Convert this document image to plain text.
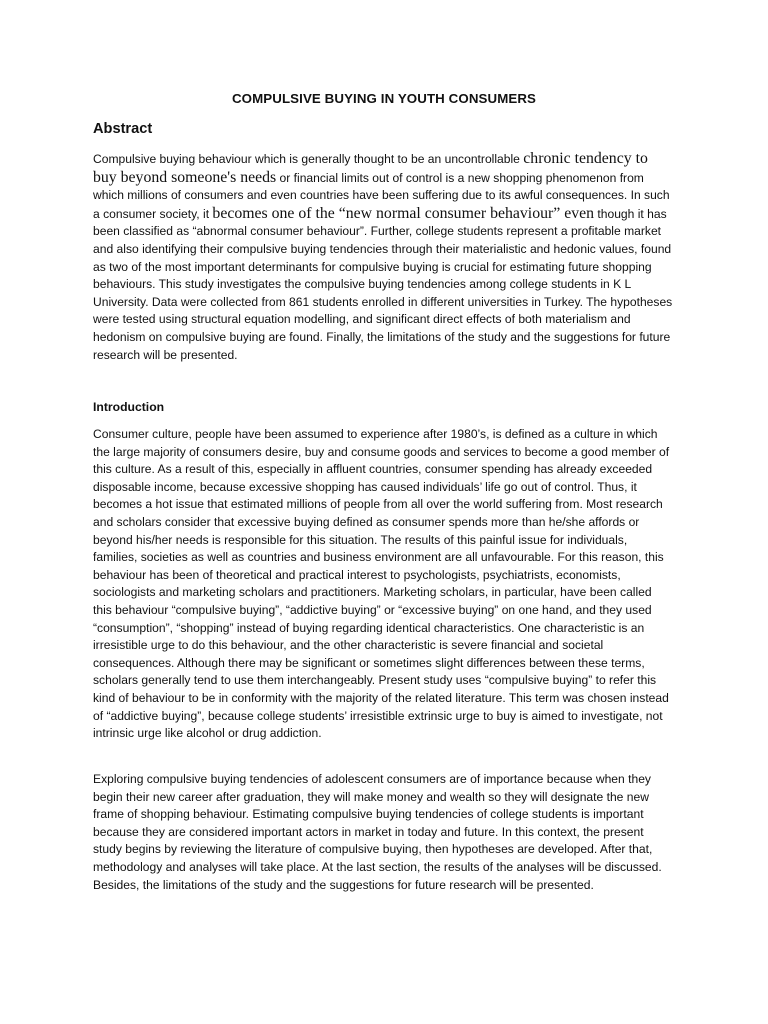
COMPULSIVE BUYING IN YOUTH CONSUMERS
Abstract
Compulsive buying behaviour which is generally thought to be an uncontrollable chronic tendency to buy beyond someone's needs or financial limits out of control is a new shopping phenomenon from which millions of consumers and even countries have been suffering due to its awful consequences. In such a consumer society, it becomes one of the “new normal consumer behaviour” even though it has been classified as “abnormal consumer behaviour”. Further, college students represent a profitable market and also identifying their compulsive buying tendencies through their materialistic and hedonic values, found as two of the most important determinants for compulsive buying is crucial for estimating future shopping behaviours. This study investigates the compulsive buying tendencies among college students in K L University. Data were collected from 861 students enrolled in different universities in Turkey. The hypotheses were tested using structural equation modelling, and significant direct effects of both materialism and hedonism on compulsive buying are found. Finally, the limitations of the study and the suggestions for future research will be presented.
Introduction
Consumer culture, people have been assumed to experience after 1980’s, is defined as a culture in which the large majority of consumers desire, buy and consume goods and services to become a good member of this culture. As a result of this, especially in affluent countries, consumer spending has already exceeded disposable income, because excessive shopping has caused individuals’ life go out of control. Thus, it becomes a hot issue that estimated millions of people from all over the world suffering from. Most research and scholars consider that excessive buying defined as consumer spends more than he/she affords or beyond his/her needs is responsible for this situation. The results of this painful issue for individuals, families, societies as well as countries and business environment are all unfavourable. For this reason, this behaviour has been of theoretical and practical interest to psychologists, psychiatrists, economists, sociologists and marketing scholars and practitioners. Marketing scholars, in particular, have been called this behaviour “compulsive buying”, “addictive buying” or “excessive buying” on one hand, and they used “consumption”, “shopping” instead of buying regarding identical characteristics. One characteristic is an irresistible urge to do this behaviour, and the other characteristic is severe financial and societal consequences. Although there may be significant or sometimes slight differences between these terms, scholars generally tend to use them interchangeably. Present study uses “compulsive buying” to refer this kind of behaviour to be in conformity with the majority of the related literature. This term was chosen instead of “addictive buying”, because college students’ irresistible extrinsic urge to buy is aimed to investigate, not intrinsic urge like alcohol or drug addiction.
Exploring compulsive buying tendencies of adolescent consumers are of importance because when they begin their new career after graduation, they will make money and wealth so they will designate the new frame of shopping behaviour. Estimating compulsive buying tendencies of college students is important because they are considered important actors in market in today and future. In this context, the present study begins by reviewing the literature of compulsive buying, then hypotheses are developed. After that, methodology and analyses will take place. At the last section, the results of the analyses will be discussed. Besides, the limitations of the study and the suggestions for future research will be presented.
